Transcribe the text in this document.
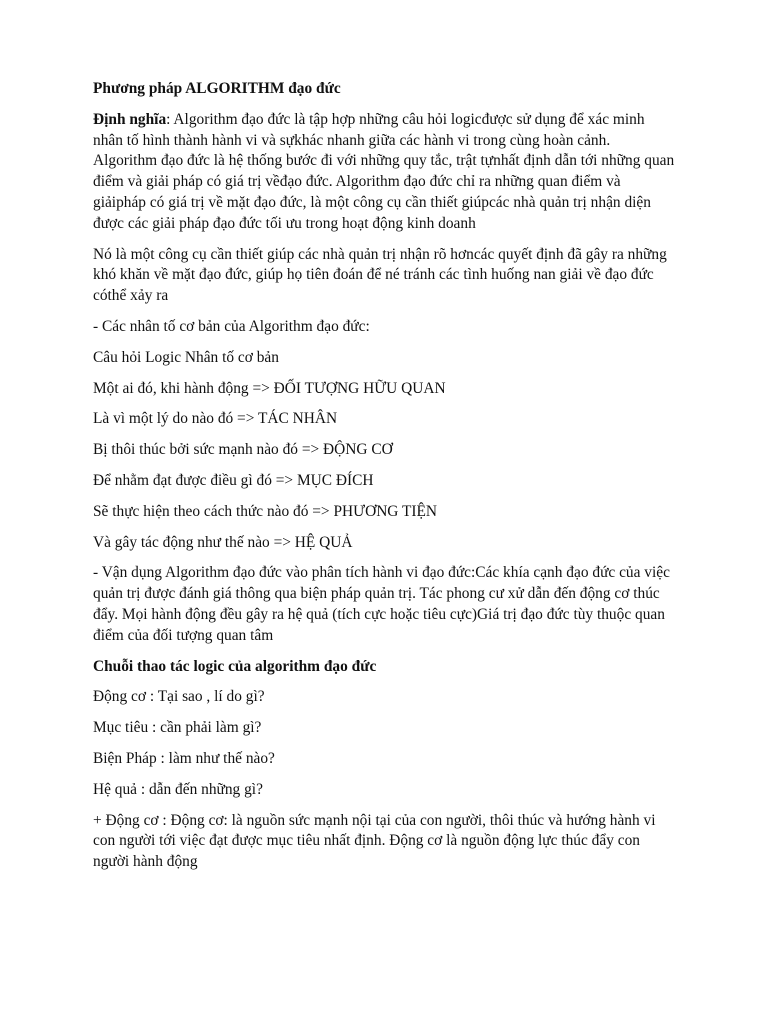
Phương pháp ALGORITHM đạo đức

Định nghĩa: Algorithm đạo đức là tập hợp những câu hỏi logicđược sử dụng để xác minh nhân tố hình thành hành vi và sựkhác nhanh giữa các hành vi trong cùng hoàn cảnh. Algorithm đạo đức là hệ thống bước đi với những quy tắc, trật tựnhất định dẫn tới những quan điểm và giải pháp có giá trị vềđạo đức. Algorithm đạo đức chỉ ra những quan điểm và giảipháp có giá trị về mặt đạo đức, là một công cụ cần thiết giúpcác nhà quản trị nhận diện được các giải pháp đạo đức tối ưu trong hoạt động kinh doanh

Nó là một công cụ cần thiết giúp các nhà quản trị nhận rõ hơncác quyết định đã gây ra những khó khăn về mặt đạo đức, giúp họ tiên đoán để né tránh các tình huống nan giải về đạo đức cóthể xảy ra

- Các nhân tố cơ bản của Algorithm đạo đức:

Câu hỏi Logic Nhân tố cơ bản

Một ai đó, khi hành động => ĐỐI TƯỢNG HỮU QUAN

Là vì một lý do nào đó => TÁC NHÂN

Bị thôi thúc bởi sức mạnh nào đó => ĐỘNG CƠ

Để nhằm đạt được điều gì đó => MỤC ĐÍCH

Sẽ thực hiện theo cách thức nào đó => PHƯƠNG TIỆN

Và gây tác động như thế nào => HỆ QUẢ

- Vận dụng Algorithm đạo đức vào phân tích hành vi đạo đức:Các khía cạnh đạo đức của việc quản trị được đánh giá thông qua biện pháp quản trị. Tác phong cư xử dẫn đến động cơ thúc đẩy. Mọi hành động đều gây ra hệ quả (tích cực hoặc tiêu cực)Giá trị đạo đức tùy thuộc quan điểm của đối tượng quan tâm

Chuỗi thao tác logic của algorithm đạo đức

Động cơ : Tại sao , lí do gì?

Mục tiêu : cần phải làm gì?

Biện Pháp : làm như thế nào?

Hệ quả : dẫn đến những gì?

+ Động cơ : Động cơ: là nguồn sức mạnh nội tại của con người, thôi thúc và hướng hành vi con người tới việc đạt được mục tiêu nhất định. Động cơ là nguồn động lực thúc đẩy con người hành động
